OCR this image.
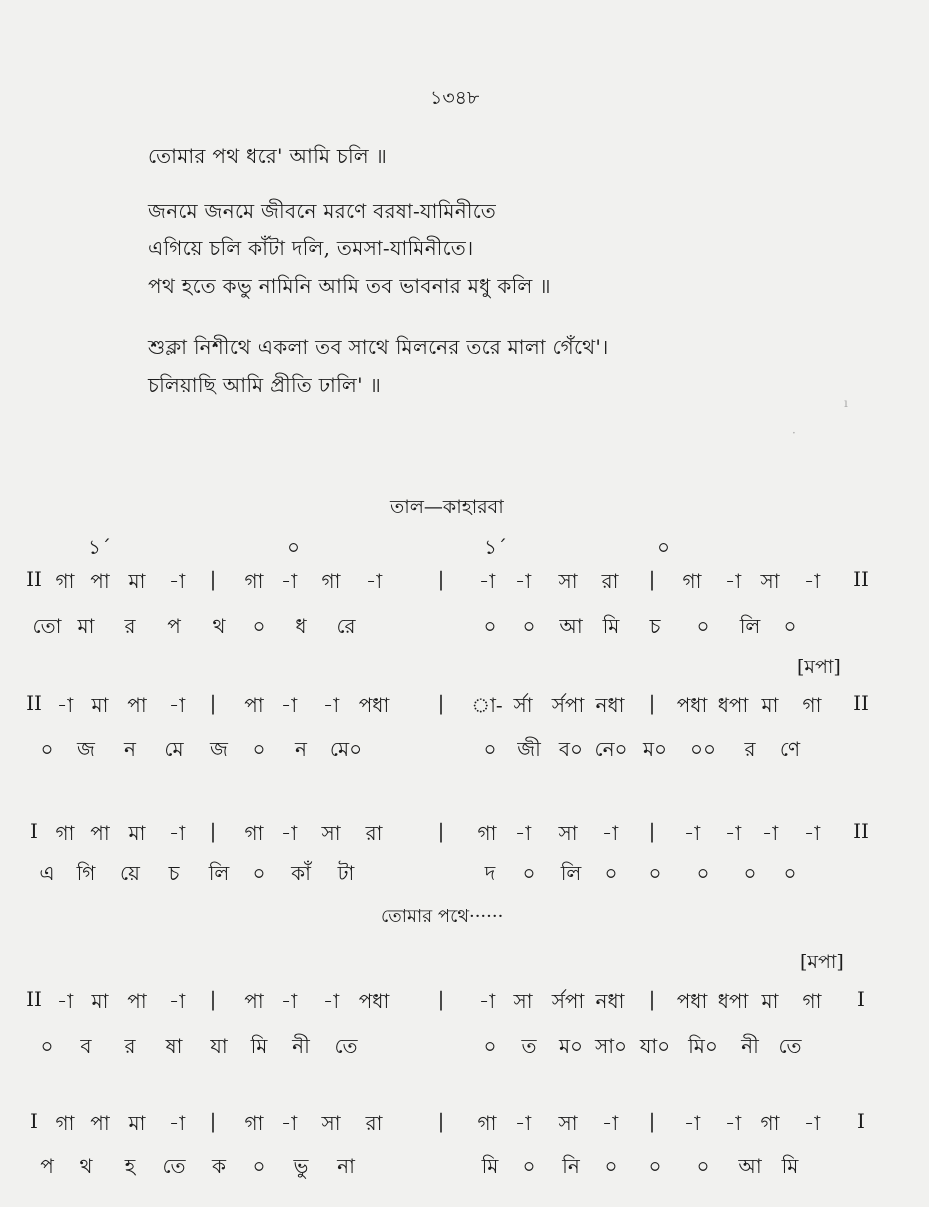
১৩৪৮
তোমার পথ ধরে' আমি চলি ॥
জনমে জনমে জীবনে মরণে বরষা-যামিনীতে
এগিয়ে চলি কাঁটা দলি, তমসা-যামিনীতে।
পথ হতে কভু নামিনি আমি তব ভাবনার মধু কলি ॥
শুক্লা নিশীথে একলা তব সাথে মিলনের তরে মালা গেঁথে'।
চলিয়াছি আমি প্রীতি ঢালি' ॥
ı
·
তাল—কাহারবা
১´	০	১´	০
[মপা]
তোমার পথে······
[মপা]
II গা পা মা -া | গা -া গা -া	| -া -া সা রা | গা -া সা -া II
তো মা র প থ ০ ধ রে	০ ০ আ মি চ ০ লি ০
II -া মা পা -া | পা -া -া পধা | া- র্সা র্সপা নধা | পধা ধপা মা গা II
০ জ ন মে জ ০ ন মে০	০ জী ব০ নে০ ম০ ০০ র ণে
I গা পা মা -া | গা -া সা রা	| গা -া সা -া | -া -া -া -া II
এ গি য়ে চ লি ০ কাঁ টা	দ ০ লি ০ ০ ০ ০ ০
II -া মা পা -া | পা -া -া পধা | -া সা র্সপা নধা | পধা ধপা মা গা I
০ ব র ষা যা মি নী তে	০ ত ম০ সা০ যা০ মি০ নী তে
I গা পা মা -া | গা -া সা রা	| গা -া সা -া | -া -া গা -া I
প থ হ তে ক ০ ভু না	মি ০ নি ০ ০ ০ আ মি
